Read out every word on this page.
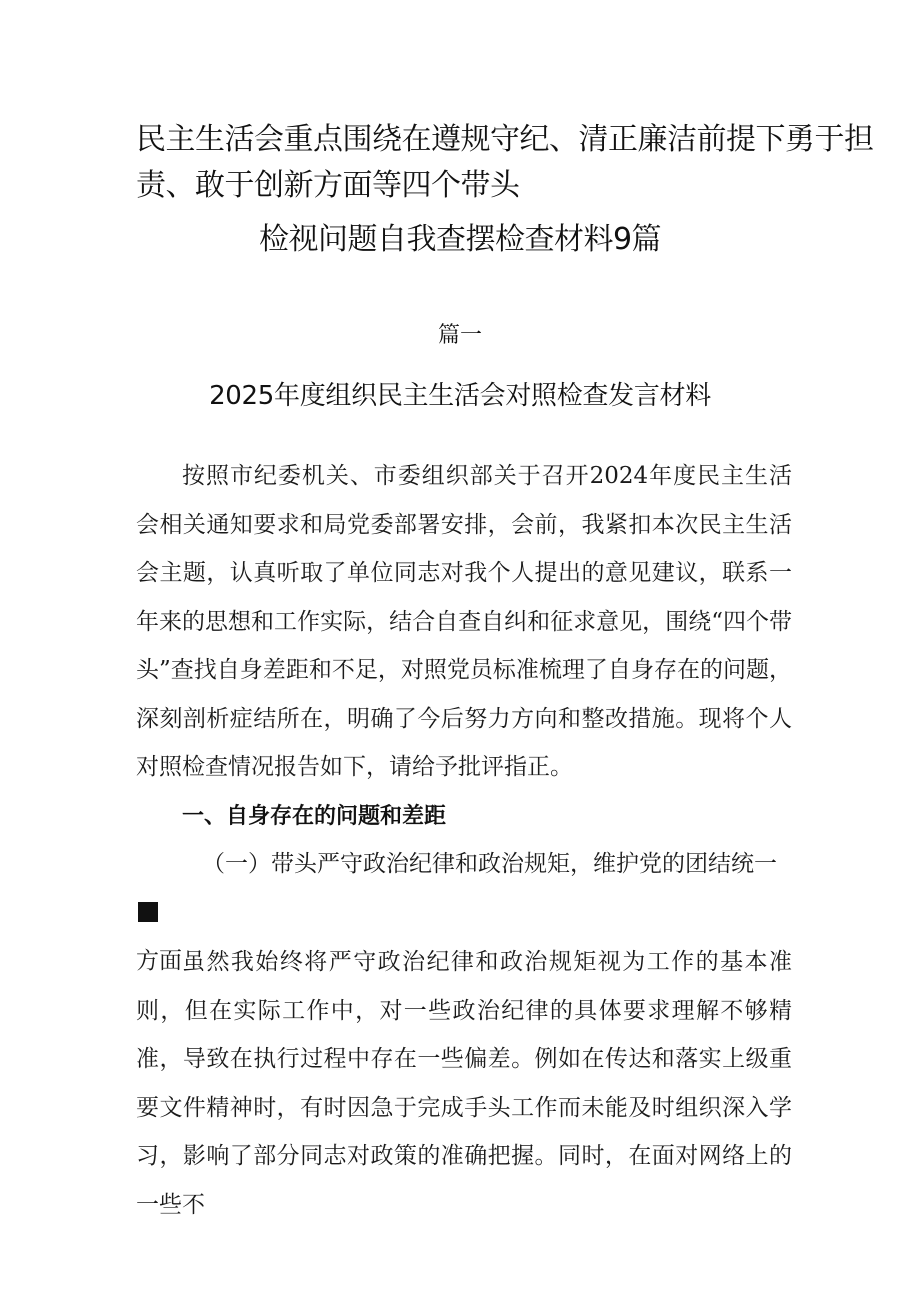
民主生活会重点围绕在遵规守纪、清正廉洁前提下勇于担
责、敢于创新方面等四个带头
检视问题自我查摆检查材料9篇
篇一
2025年度组织民主生活会对照检查发言材料

按照市纪委机关、市委组织部关于召开2024年度民主生活会相关通知要求和局党委部署安排，会前，我紧扣本次民主生活会主题，认真听取了单位同志对我个人提出的意见建议，联系一年来的思想和工作实际，结合自查自纠和征求意见，围绕“四个带头”查找自身差距和不足，对照党员标准梳理了自身存在的问题，深刻剖析症结所在，明确了今后努力方向和整改措施。现将个人对照检查情况报告如下，请给予批评指正。

一、自身存在的问题和差距

（一）带头严守政治纪律和政治规矩，维护党的团结统一
方面 虽然我始终将严守政治纪律和政治规矩视为工作的基本准则，但在实际工作中，对一些政治纪律的具体要求理解不够精准，导致在执行过程中存在一些偏差。例如在传达和落实上级重要文件精神时，有时因急于完成手头工作而未能及时组织深入学习，影响了部分同志对政策的准确把握。同时，在面对网络上的一些不
